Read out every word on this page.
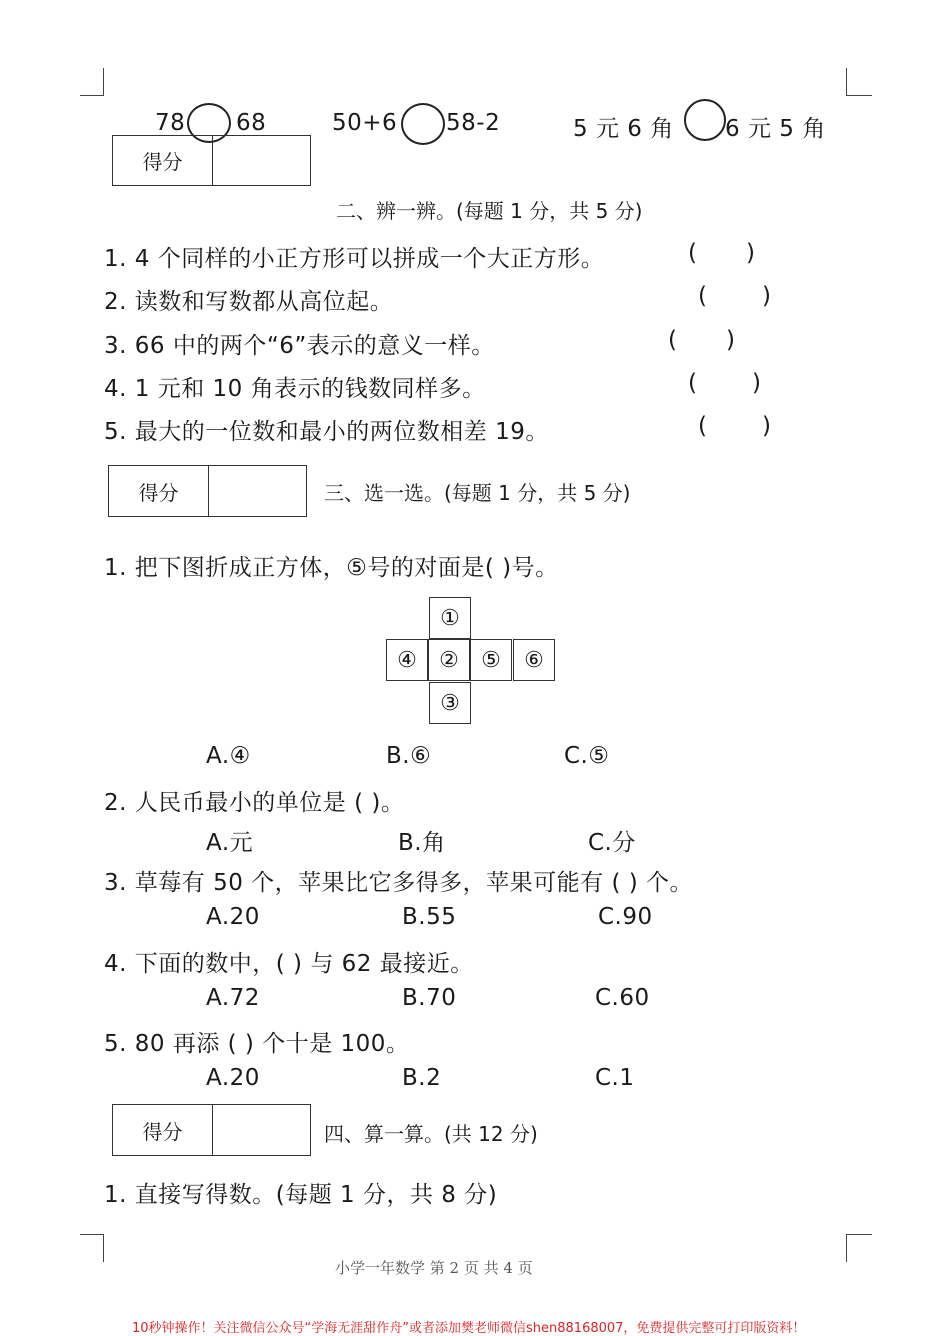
78 68	50+6 58-2	5 元 6 角 6 元 5 角
得分
二、辨一辨。(每题 1 分，共 5 分)
1. 4 个同样的小正方形可以拼成一个大正方形。	( )
2. 读数和写数都从高位起。	( )
3. 66 中的两个“6”表示的意义一样。	( )
4. 1 元和 10 角表示的钱数同样多。	( )
5. 最大的一位数和最小的两位数相差 19。	( )
得分	三、选一选。(每题 1 分，共 5 分)
1. 把下图折成正方体，⑤号的对面是( )号。
①
④	②	⑤	⑥
③
A.④	B.⑥	C.⑤
2. 人民币最小的单位是 ( )。
A.元	B.角	C.分
3. 草莓有 50 个，苹果比它多得多，苹果可能有 ( ) 个。
A.20	B.55	C.90
4. 下面的数中，( ) 与 62 最接近。
A.72	B.70	C.60
5. 80 再添 ( ) 个十是 100。
A.20	B.2	C.1
得分	四、算一算。(共 12 分)
1. 直接写得数。(每题 1 分，共 8 分)
小学一年数学 第 2 页 共 4 页
10秒钟操作！关注微信公众号“学海无涯甜作舟”或者添加樊老师微信shen88168007，免费提供完整可打印版资料！
